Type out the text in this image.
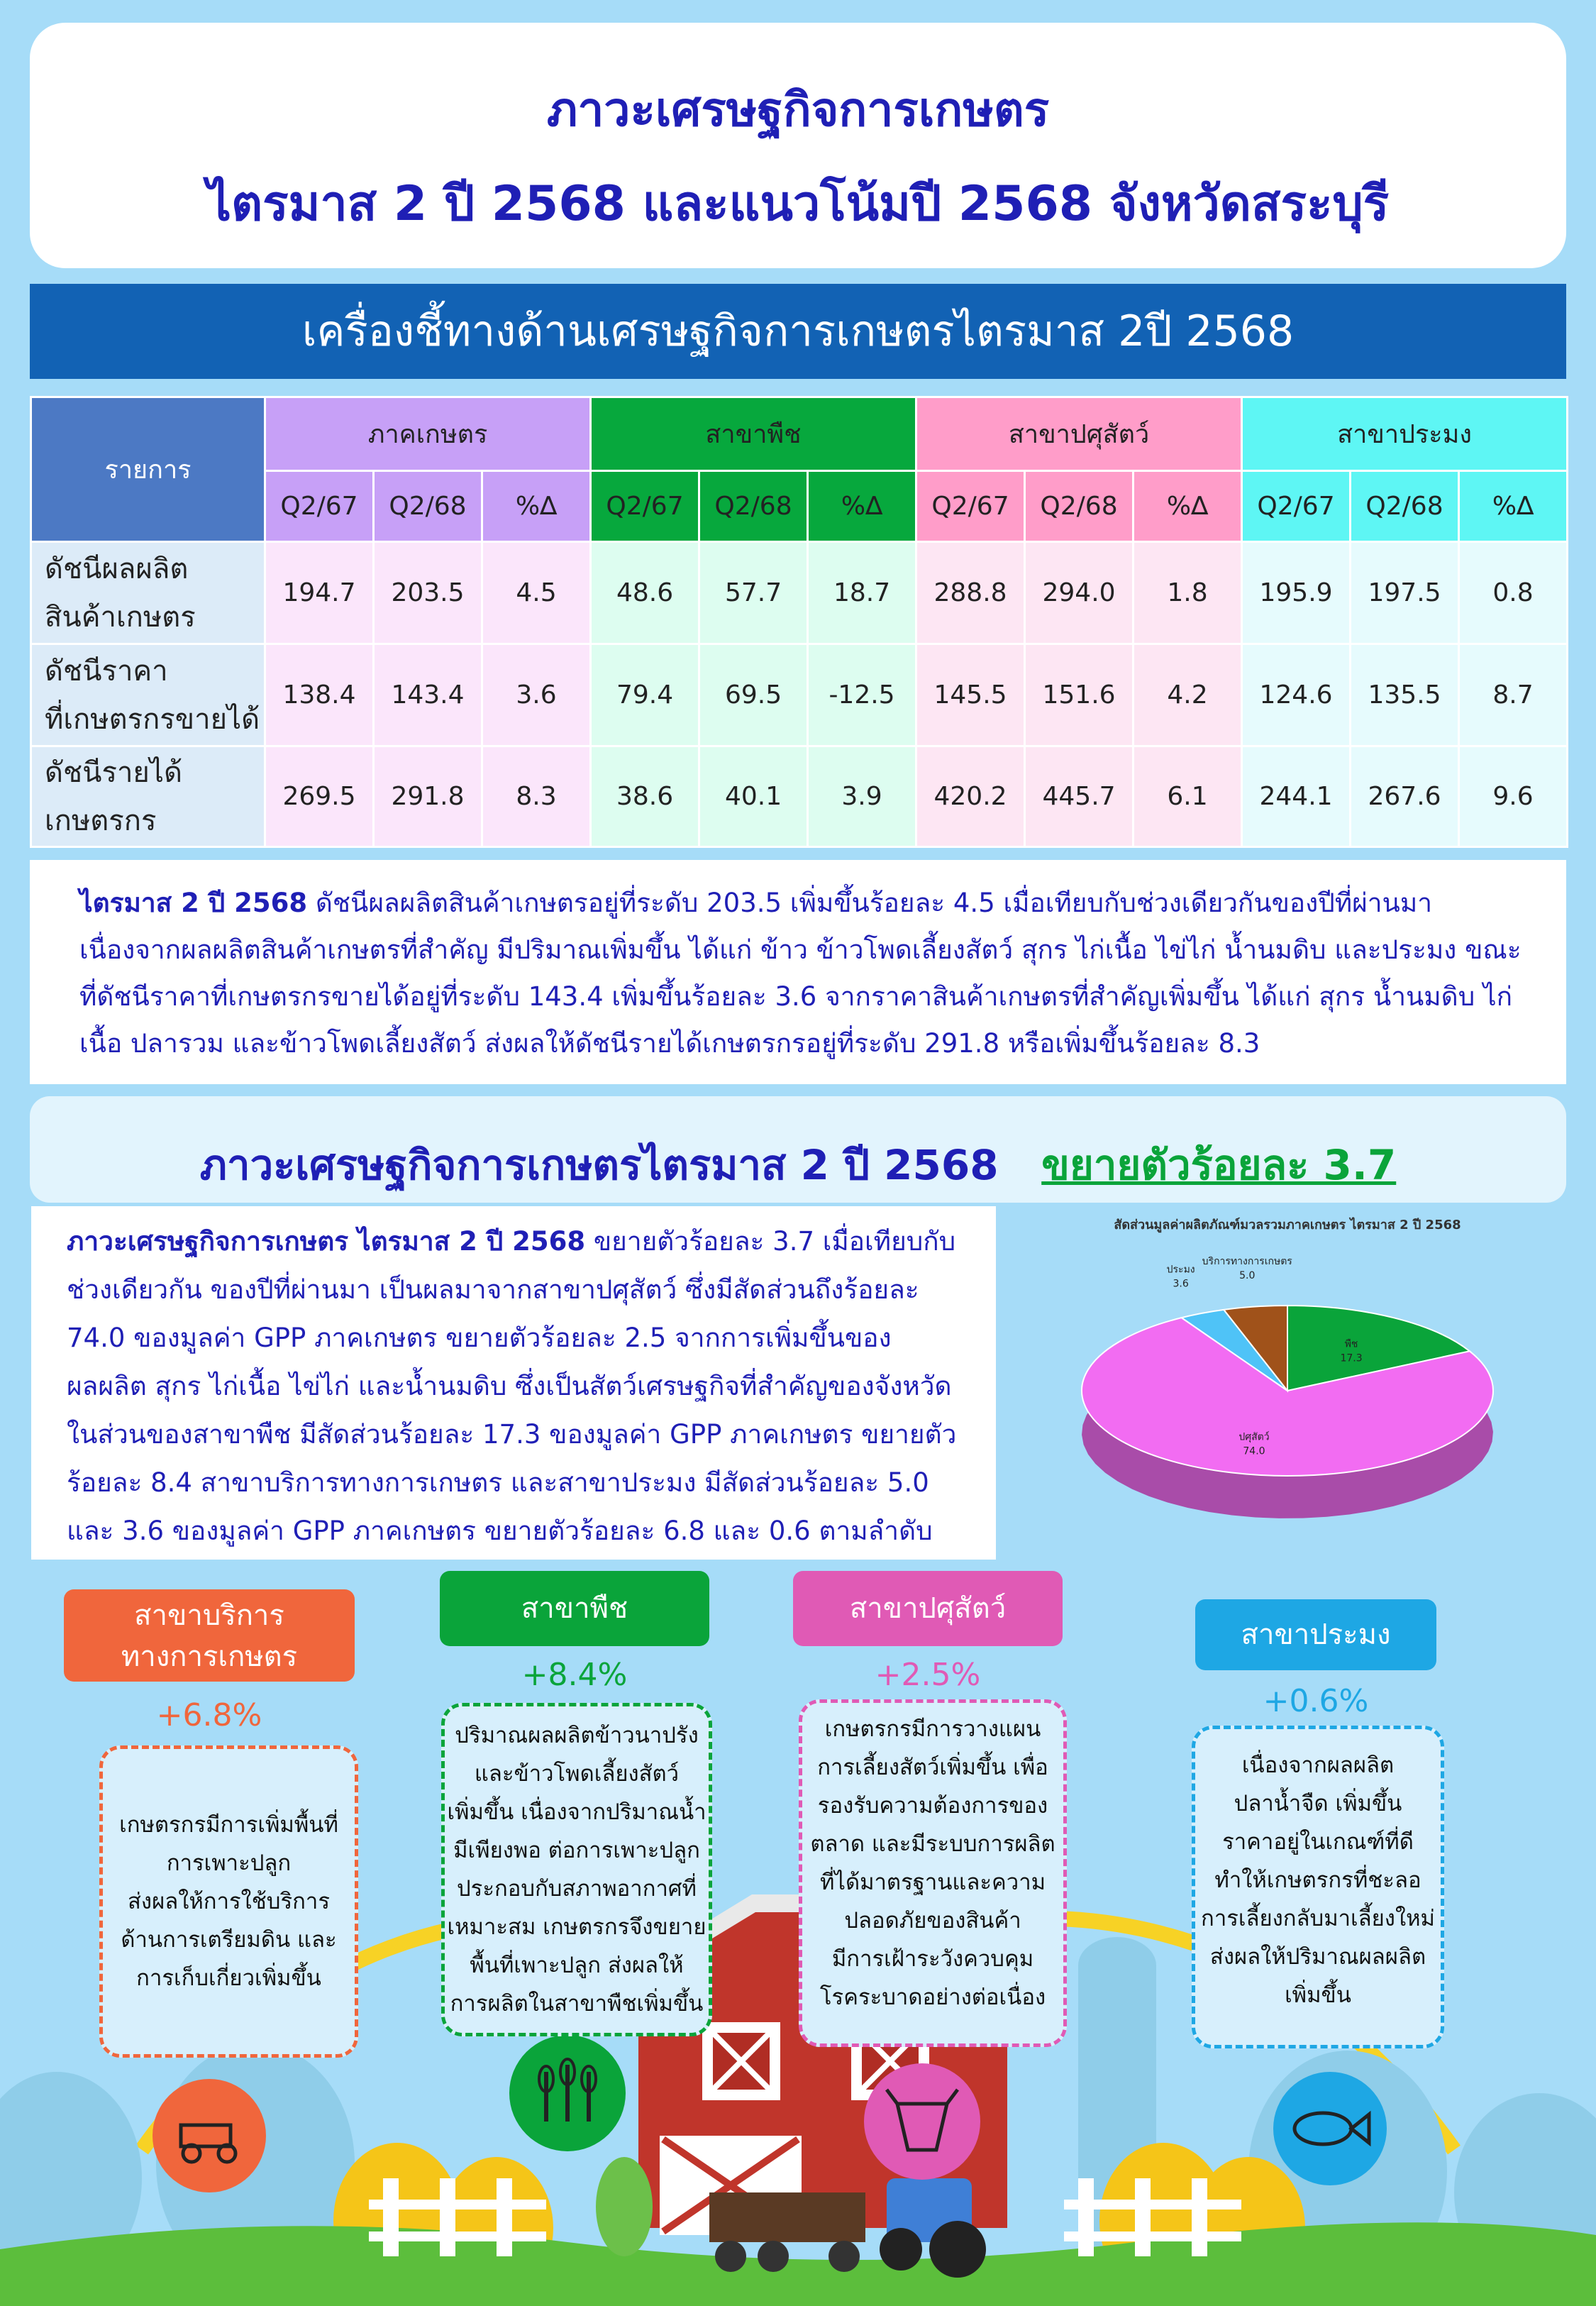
ภาวะเศรษฐกิจการเกษตร
ไตรมาส 2 ปี 2568 และแนวโน้มปี 2568 จังหวัดสระบุรี
เครื่องชี้ทางด้านเศรษฐกิจการเกษตรไตรมาส 2ปี 2568
รายการ	ภาคเกษตร			สาขาพืช			สาขาปศุสัตว์			สาขาประมง		
	Q2/67	Q2/68	%∆	Q2/67	Q2/68	%∆	Q2/67	Q2/68	%∆	Q2/67	Q2/68	%∆
ดัชนีผลผลิต
สินค้าเกษตร	194.7	203.5	4.5	48.6	57.7	18.7	288.8	294.0	1.8	195.9	197.5	0.8
ดัชนีราคา
ที่เกษตรกรขายได้	138.4	143.4	3.6	79.4	69.5	-12.5	145.5	151.6	4.2	124.6	135.5	8.7
ดัชนีรายได้
เกษตรกร	269.5	291.8	8.3	38.6	40.1	3.9	420.2	445.7	6.1	244.1	267.6	9.6

ไตรมาส 2 ปี 2568 ดัชนีผลผลิตสินค้าเกษตรอยู่ที่ระดับ 203.5 เพิ่มขึ้นร้อยละ 4.5 เมื่อเทียบกับช่วงเดียวกันของปีที่ผ่านมา เนื่องจากผลผลิตสินค้าเกษตรที่สำคัญ มีปริมาณเพิ่มขึ้น ได้แก่ ข้าว ข้าวโพดเลี้ยงสัตว์ สุกร ไก่เนื้อ ไข่ไก่ น้ำนมดิบ และประมง ขณะที่ดัชนีราคาที่เกษตรกรขายได้อยู่ที่ระดับ 143.4 เพิ่มขึ้นร้อยละ 3.6 จากราคาสินค้าเกษตรที่สำคัญเพิ่มขึ้น ได้แก่ สุกร น้ำนมดิบ ไก่เนื้อ ปลารวม และข้าวโพดเลี้ยงสัตว์ ส่งผลให้ดัชนีรายได้เกษตรกรอยู่ที่ระดับ 291.8 หรือเพิ่มขึ้นร้อยละ 8.3

ภาวะเศรษฐกิจการเกษตรไตรมาส 2 ปี 2568 ขยายตัวร้อยละ 3.7

ภาวะเศรษฐกิจการเกษตร ไตรมาส 2 ปี 2568 ขยายตัวร้อยละ 3.7 เมื่อเทียบกับช่วงเดียวกัน ของปีที่ผ่านมา เป็นผลมาจากสาขาปศุสัตว์ ซึ่งมีสัดส่วนถึงร้อยละ 74.0 ของมูลค่า GPP ภาคเกษตร ขยายตัวร้อยละ 2.5 จากการเพิ่มขึ้นของผลผลิต สุกร ไก่เนื้อ ไข่ไก่ และน้ำนมดิบ ซึ่งเป็นสัตว์เศรษฐกิจที่สำคัญของจังหวัด ในส่วนของสาขาพืช มีสัดส่วนร้อยละ 17.3 ของมูลค่า GPP ภาคเกษตร ขยายตัวร้อยละ 8.4 สาขาบริการทางการเกษตร และสาขาประมง มีสัดส่วนร้อยละ 5.0 และ 3.6 ของมูลค่า GPP ภาคเกษตร ขยายตัวร้อยละ 6.8 และ 0.6 ตามลำดับ

สัดส่วนมูลค่าผลิตภัณฑ์มวลรวมภาคเกษตร ไตรมาส 2 ปี 2568
พืช
17.3
ปศุสัตว์
74.0
ประมง
3.6
บริการทางการเกษตร
5.0
สาขาบริการ
ทางการเกษตร
+6.8%
เกษตรกรมีการเพิ่มพื้นที่
การเพาะปลูก
ส่งผลให้การใช้บริการ
ด้านการเตรียมดิน และ
การเก็บเกี่ยวเพิ่มขึ้น
สาขาพืช
+8.4%
ปริมาณผลผลิตข้าวนาปรัง
และข้าวโพดเลี้ยงสัตว์
เพิ่มขึ้น เนื่องจากปริมาณน้ำ
มีเพียงพอ ต่อการเพาะปลูก
ประกอบกับสภาพอากาศที่
เหมาะสม เกษตรกรจึงขยาย
พื้นที่เพาะปลูก ส่งผลให้
การผลิตในสาขาพืชเพิ่มขึ้น
สาขาปศุสัตว์
+2.5%
เกษตรกรมีการวางแผน
การเลี้ยงสัตว์เพิ่มขึ้น เพื่อ
รองรับความต้องการของ
ตลาด และมีระบบการผลิต
ที่ได้มาตรฐานและความ
ปลอดภัยของสินค้า
มีการเฝ้าระวังควบคุม
โรคระบาดอย่างต่อเนื่อง
สาขาประมง
+0.6%
เนื่องจากผลผลิต
ปลาน้ำจืด เพิ่มขึ้น
ราคาอยู่ในเกณฑ์ที่ดี
ทำให้เกษตรกรที่ชะลอ
การเลี้ยงกลับมาเลี้ยงใหม่
ส่งผลให้ปริมาณผลผลิต
เพิ่มขึ้น
